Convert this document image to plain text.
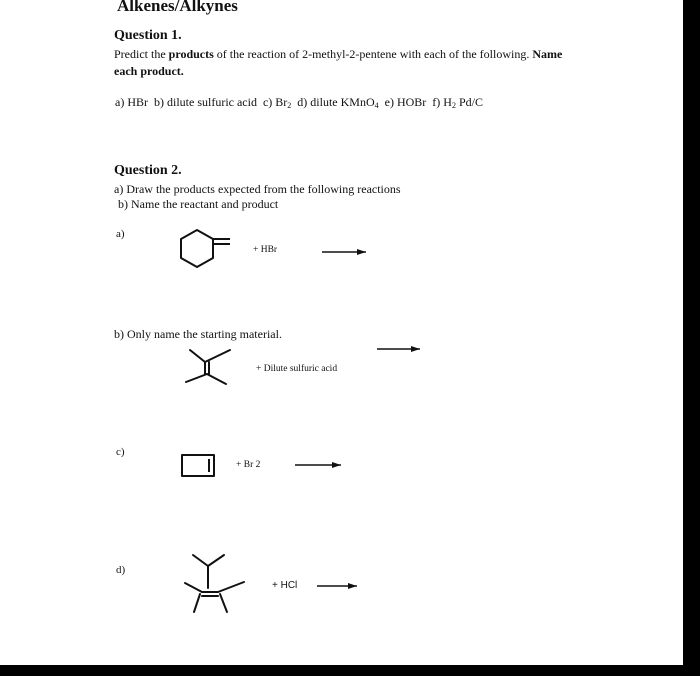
Alkenes/Alkynes
Question 1.
Predict the products of the reaction of 2-methyl-2-pentene with each of the following. Name
each product.
a) HBr b) dilute sulfuric acid c) $Br_2$ d) dilute KMnO$_4$ e) HOBr f) $H_2$ Pd/C
Question 2.
a) Draw the products expected from the following reactions
b) Name the reactant and product
a)
+ HBr
b) Only name the starting material.
+ Dilute sulfuric acid
c)
+ Br 2
d)
+ HCl
